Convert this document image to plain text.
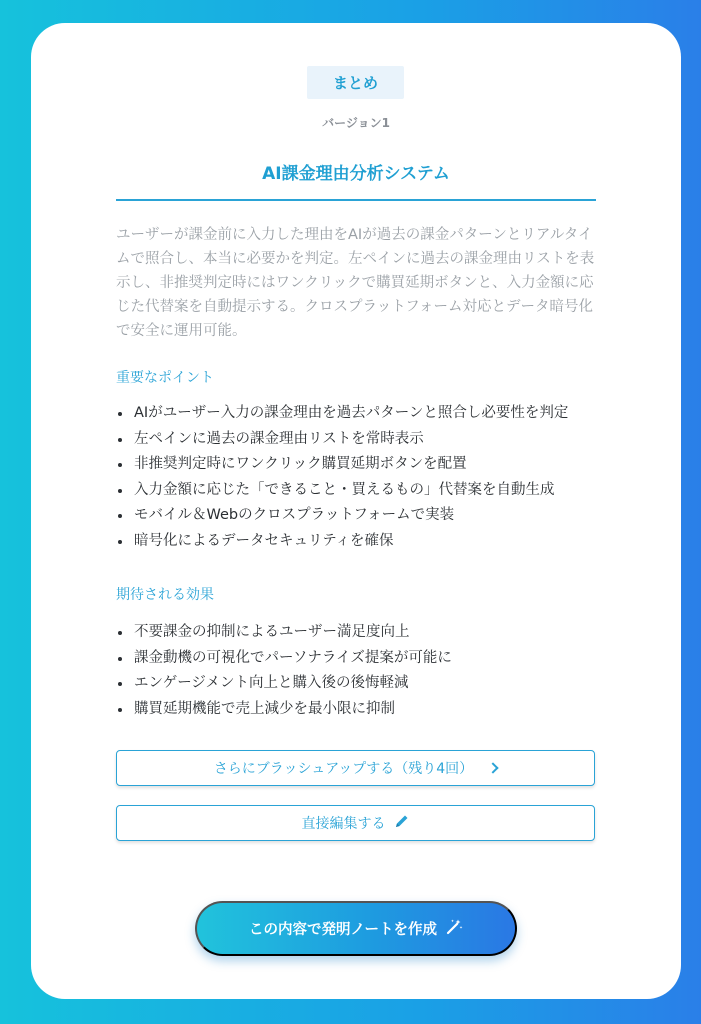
まとめ
バージョン1
AI課金理由分析システム
ユーザーが課金前に入力した理由をAIが過去の課金パターンとリアルタイムで照合し、本当に必要かを判定。左ペインに過去の課金理由リストを表示し、非推奨判定時にはワンクリックで購買延期ボタンと、入力金額に応じた代替案を自動提示する。クロスプラットフォーム対応とデータ暗号化で安全に運用可能。
重要なポイント
AIがユーザー入力の課金理由を過去パターンと照合し必要性を判定
左ペインに過去の課金理由リストを常時表示
非推奨判定時にワンクリック購買延期ボタンを配置
入力金額に応じた「できること・買えるもの」代替案を自動生成
モバイル＆Webのクロスプラットフォームで実装
暗号化によるデータセキュリティを確保
期待される効果
不要課金の抑制によるユーザー満足度向上
課金動機の可視化でパーソナライズ提案が可能に
エンゲージメント向上と購入後の後悔軽減
購買延期機能で売上減少を最小限に抑制
さらにブラッシュアップする（残り4回）
直接編集する
この内容で発明ノートを作成
